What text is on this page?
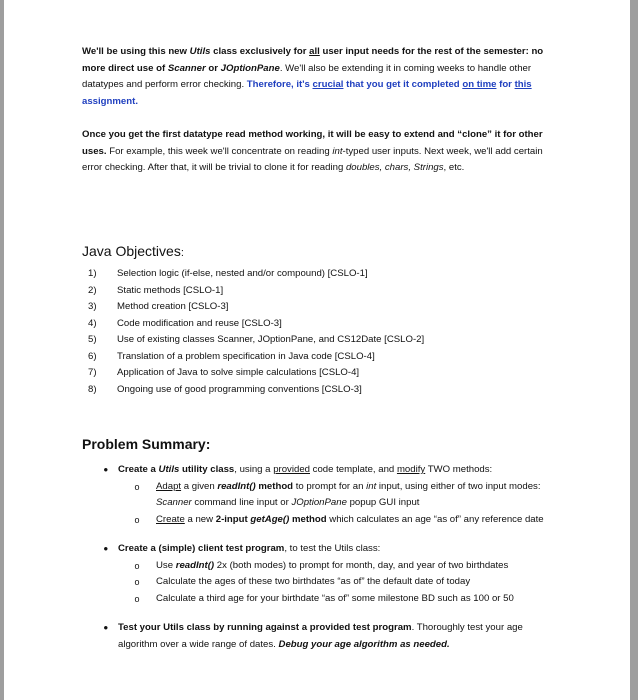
We'll be using this new Utils class exclusively for all user input needs for the rest of the semester: no more direct use of Scanner or JOptionPane. We'll also be extending it in coming weeks to handle other datatypes and perform error checking. Therefore, it's crucial that you get it completed on time for this assignment.

Once you get the first datatype read method working, it will be easy to extend and “clone” it for other uses. For example, this week we'll concentrate on reading int-typed user inputs. Next week, we'll add certain error checking. After that, it will be trivial to clone it for reading doubles, chars, Strings, etc.

Java Objectives:
1)	Selection logic (if-else, nested and/or compound) [CSLO-1]
2)	Static methods [CSLO-1]
3)	Method creation [CSLO-3]
4)	Code modification and reuse [CSLO-3]
5)	Use of existing classes Scanner, JOptionPane, and CS12Date [CSLO-2]
6)	Translation of a problem specification in Java code [CSLO-4]
7)	Application of Java to solve simple calculations [CSLO-4]
8)	Ongoing use of good programming conventions [CSLO-3]
Problem Summary:
•	Create a Utils utility class, using a provided code template, and modify TWO methods:
o	Adapt a given readInt() method to prompt for an int input, using either of two input modes: Scanner command line input or JOptionPane popup GUI input
o	Create a new 2-input getAge() method which calculates an age “as of” any reference date
•	Create a (simple) client test program, to test the Utils class:
o	Use readInt() 2x (both modes) to prompt for month, day, and year of two birthdates
o	Calculate the ages of these two birthdates “as of” the default date of today
o	Calculate a third age for your birthdate “as of” some milestone BD such as 100 or 50
•	Test your Utils class by running against a provided test program. Thoroughly test your age algorithm over a wide range of dates. Debug your age algorithm as needed.
